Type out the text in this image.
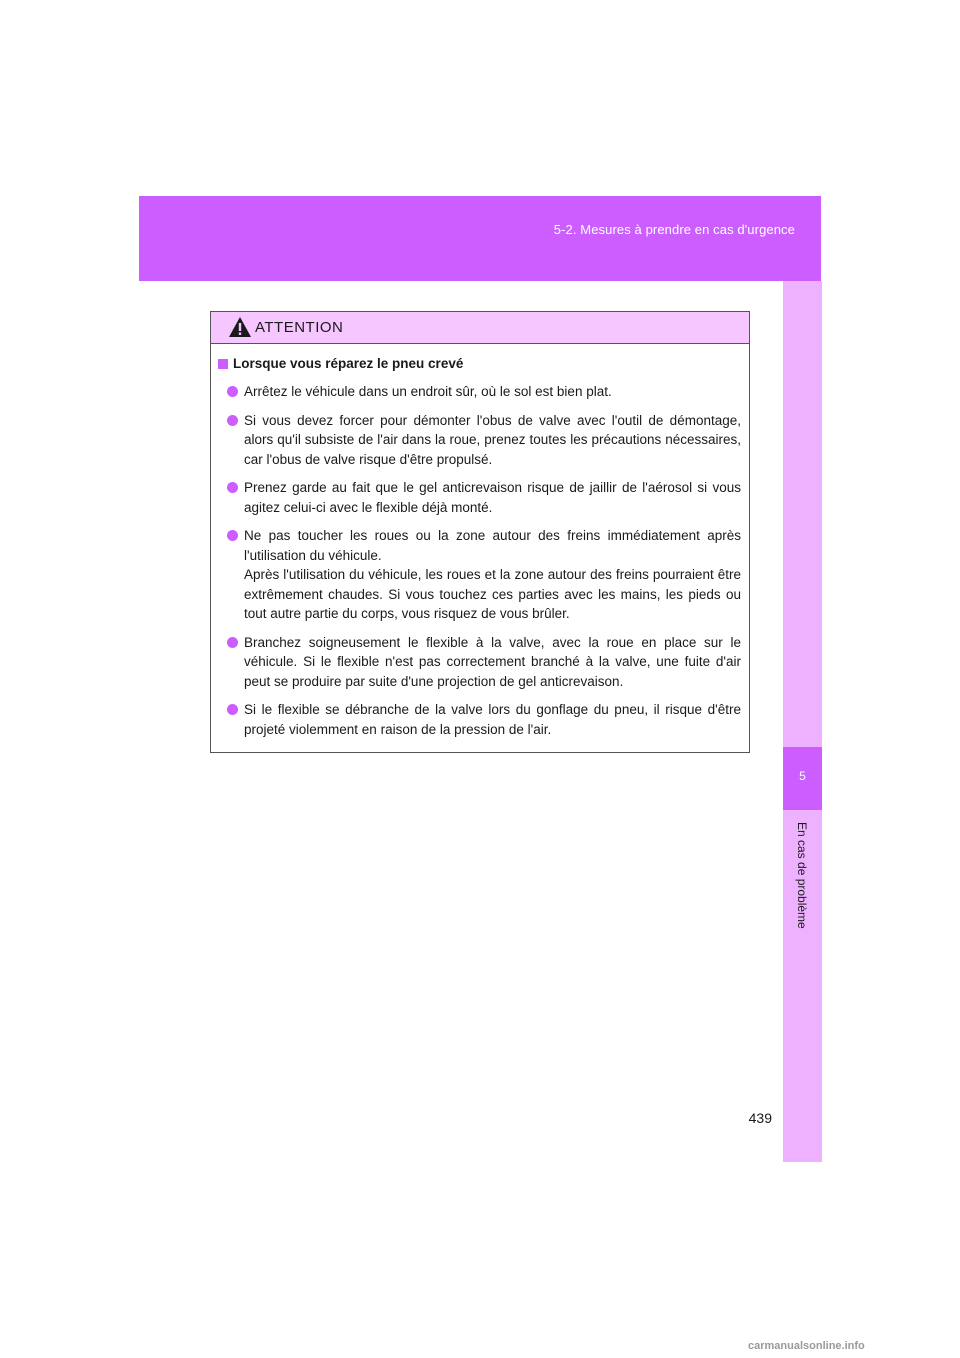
5-2. Mesures à prendre en cas d'urgence
5
En cas de problème
ATTENTION
Lorsque vous réparez le pneu crevé

Arrêtez le véhicule dans un endroit sûr, où le sol est bien plat.

Si vous devez forcer pour démonter l'obus de valve avec l'outil de démontage, alors qu'il subsiste de l'air dans la roue, prenez toutes les précautions nécessaires, car l'obus de valve risque d'être propulsé.

Prenez garde au fait que le gel anticrevaison risque de jaillir de l'aérosol si vous agitez celui-ci avec le flexible déjà monté.

Ne pas toucher les roues ou la zone autour des freins immédiatement après l'utilisation du véhicule.

Après l'utilisation du véhicule, les roues et la zone autour des freins pourraient être extrêmement chaudes. Si vous touchez ces parties avec les mains, les pieds ou tout autre partie du corps, vous risquez de vous brûler.

Branchez soigneusement le flexible à la valve, avec la roue en place sur le véhicule. Si le flexible n'est pas correctement branché à la valve, une fuite d'air peut se produire par suite d'une projection de gel anticrevaison.

Si le flexible se débranche de la valve lors du gonflage du pneu, il risque d'être projeté violemment en raison de la pression de l'air.

439
carmanualsonline.info
